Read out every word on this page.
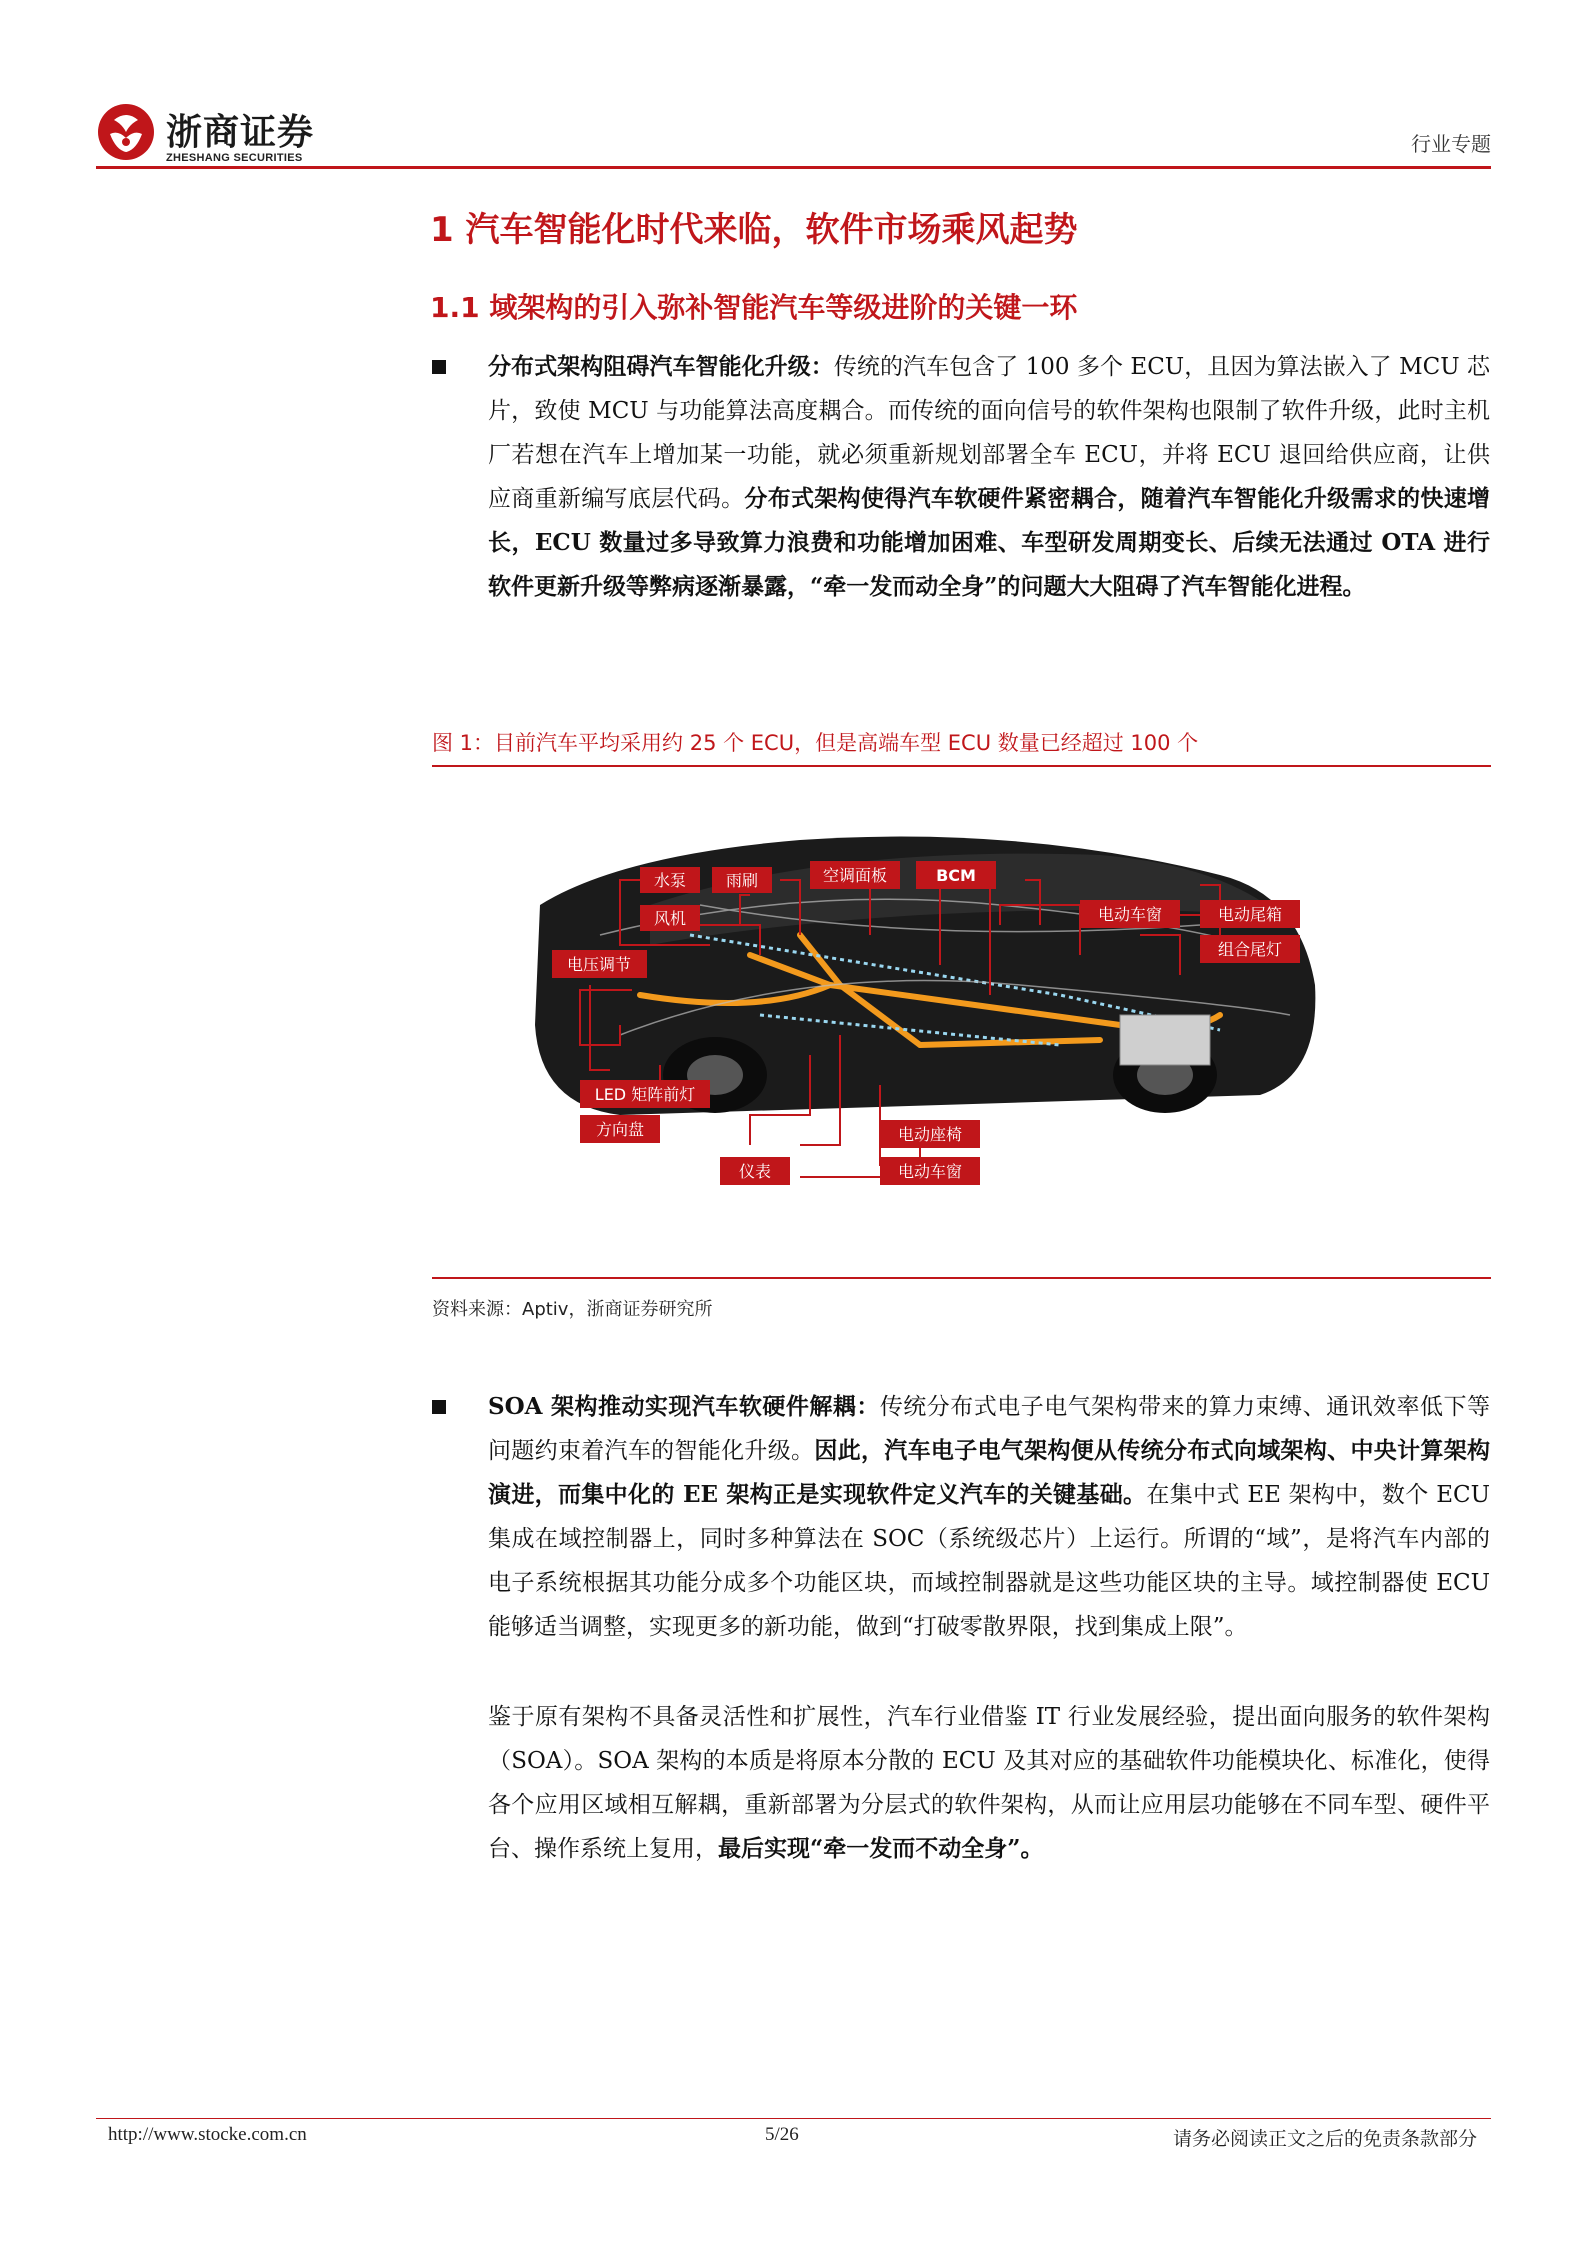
浙商证券
ZHESHANG SECURITIES
行业专题
1 汽车智能化时代来临，软件市场乘风起势
1.1 域架构的引入弥补智能汽车等级进阶的关键一环
分布式架构阻碍汽车智能化升级：传统的汽车包含了 100 多个 ECU，且因为算法嵌入了 MCU 芯片，致使 MCU 与功能算法高度耦合。而传统的面向信号的软件架构也限制了软件升级，此时主机厂若想在汽车上增加某一功能，就必须重新规划部署全车 ECU，并将 ECU 退回给供应商，让供应商重新编写底层代码。分布式架构使得汽车软硬件紧密耦合，随着汽车智能化升级需求的快速增长，ECU 数量过多导致算力浪费和功能增加困难、车型研发周期变长、后续无法通过 OTA 进行软件更新升级等弊病逐渐暴露，“牵一发而动全身”的问题大大阻碍了汽车智能化进程。
图 1：目前汽车平均采用约 25 个 ECU，但是高端车型 ECU 数量已经超过 100 个
水泵 雨刷	空调面板	BCM
风机	电动车窗	电动尾箱
组合尾灯
电压调节
LED 矩阵前灯
方向盘
仪表
电动座椅
电动车窗
资料来源：Aptiv，浙商证券研究所
SOA 架构推动实现汽车软硬件解耦：传统分布式电子电气架构带来的算力束缚、通讯效率低下等问题约束着汽车的智能化升级。因此，汽车电子电气架构便从传统分布式向域架构、中央计算架构演进，而集中化的 EE 架构正是实现软件定义汽车的关键基础。在集中式 EE 架构中，数个 ECU 集成在域控制器上，同时多种算法在 SOC（系统级芯片）上运行。所谓的“域”，是将汽车内部的电子系统根据其功能分成多个功能区块，而域控制器就是这些功能区块的主导。域控制器使 ECU 能够适当调整，实现更多的新功能，做到“打破零散界限，找到集成上限”。
鉴于原有架构不具备灵活性和扩展性，汽车行业借鉴 IT 行业发展经验，提出面向服务的软件架构（SOA）。SOA 架构的本质是将原本分散的 ECU 及其对应的基础软件功能模块化、标准化，使得各个应用区域相互解耦，重新部署为分层式的软件架构，从而让应用层功能够在不同车型、硬件平台、操作系统上复用，最后实现“牵一发而不动全身”。
http://www.stocke.com.cn	5/26	请务必阅读正文之后的免责条款部分
